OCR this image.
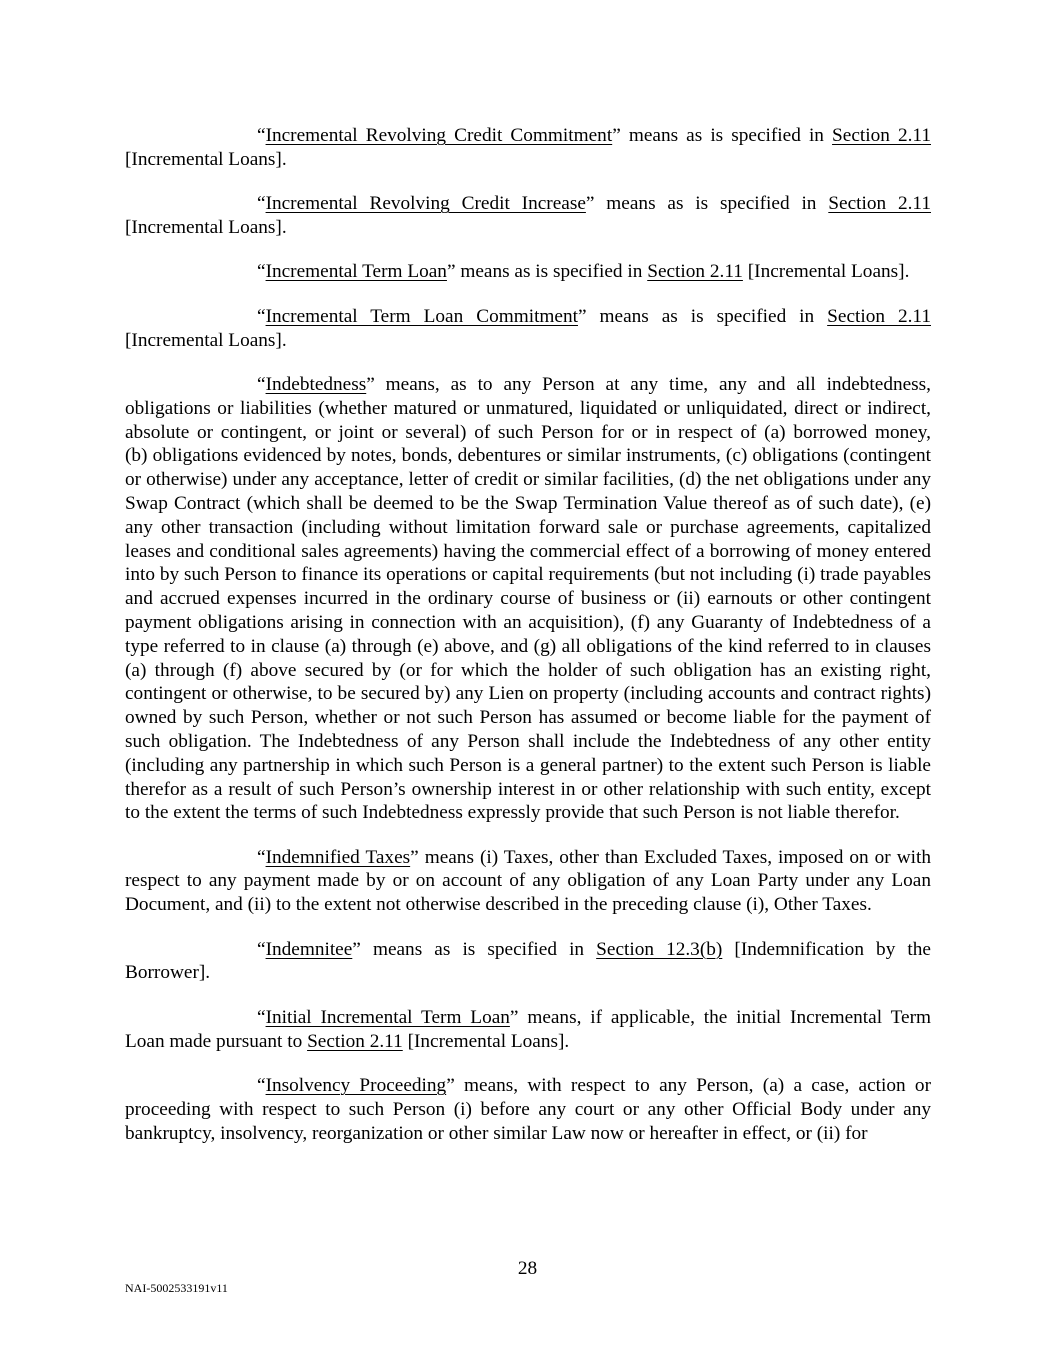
“Incremental Revolving Credit Commitment” means as is specified in Section 2.11 [Incremental Loans].

“Incremental Revolving Credit Increase” means as is specified in Section 2.11 [Incremental Loans].

“Incremental Term Loan” means as is specified in Section 2.11 [Incremental Loans].

“Incremental Term Loan Commitment” means as is specified in Section 2.11 [Incremental Loans].

“Indebtedness” means, as to any Person at any time, any and all indebtedness, obligations or liabilities (whether matured or unmatured, liquidated or unliquidated, direct or indirect, absolute or contingent, or joint or several) of such Person for or in respect of (a) borrowed money, (b) obligations evidenced by notes, bonds, debentures or similar instruments, (c) obligations (contingent or otherwise) under any acceptance, letter of credit or similar facilities, (d) the net obligations under any Swap Contract (which shall be deemed to be the Swap Termination Value thereof as of such date), (e) any other transaction (including without limitation forward sale or purchase agreements, capitalized leases and conditional sales agreements) having the commercial effect of a borrowing of money entered into by such Person to finance its operations or capital requirements (but not including (i) trade payables and accrued expenses incurred in the ordinary course of business or (ii) earnouts or other contingent payment obligations arising in connection with an acquisition), (f) any Guaranty of Indebtedness of a type referred to in clause (a) through (e) above, and (g) all obligations of the kind referred to in clauses (a) through (f) above secured by (or for which the holder of such obligation has an existing right, contingent or otherwise, to be secured by) any Lien on property (including accounts and contract rights) owned by such Person, whether or not such Person has assumed or become liable for the payment of such obligation. The Indebtedness of any Person shall include the Indebtedness of any other entity (including any partnership in which such Person is a general partner) to the extent such Person is liable therefor as a result of such Person’s ownership interest in or other relationship with such entity, except to the extent the terms of such Indebtedness expressly provide that such Person is not liable therefor.

“Indemnified Taxes” means (i) Taxes, other than Excluded Taxes, imposed on or with respect to any payment made by or on account of any obligation of any Loan Party under any Loan Document, and (ii) to the extent not otherwise described in the preceding clause (i), Other Taxes.

“Indemnitee” means as is specified in Section 12.3(b) [Indemnification by the Borrower].

“Initial Incremental Term Loan” means, if applicable, the initial Incremental Term Loan made pursuant to Section 2.11 [Incremental Loans].

“Insolvency Proceeding” means, with respect to any Person, (a) a case, action or proceeding with respect to such Person (i) before any court or any other Official Body under any bankruptcy, insolvency, reorganization or other similar Law now or hereafter in effect, or (ii) for

28
NAI-5002533191v11
